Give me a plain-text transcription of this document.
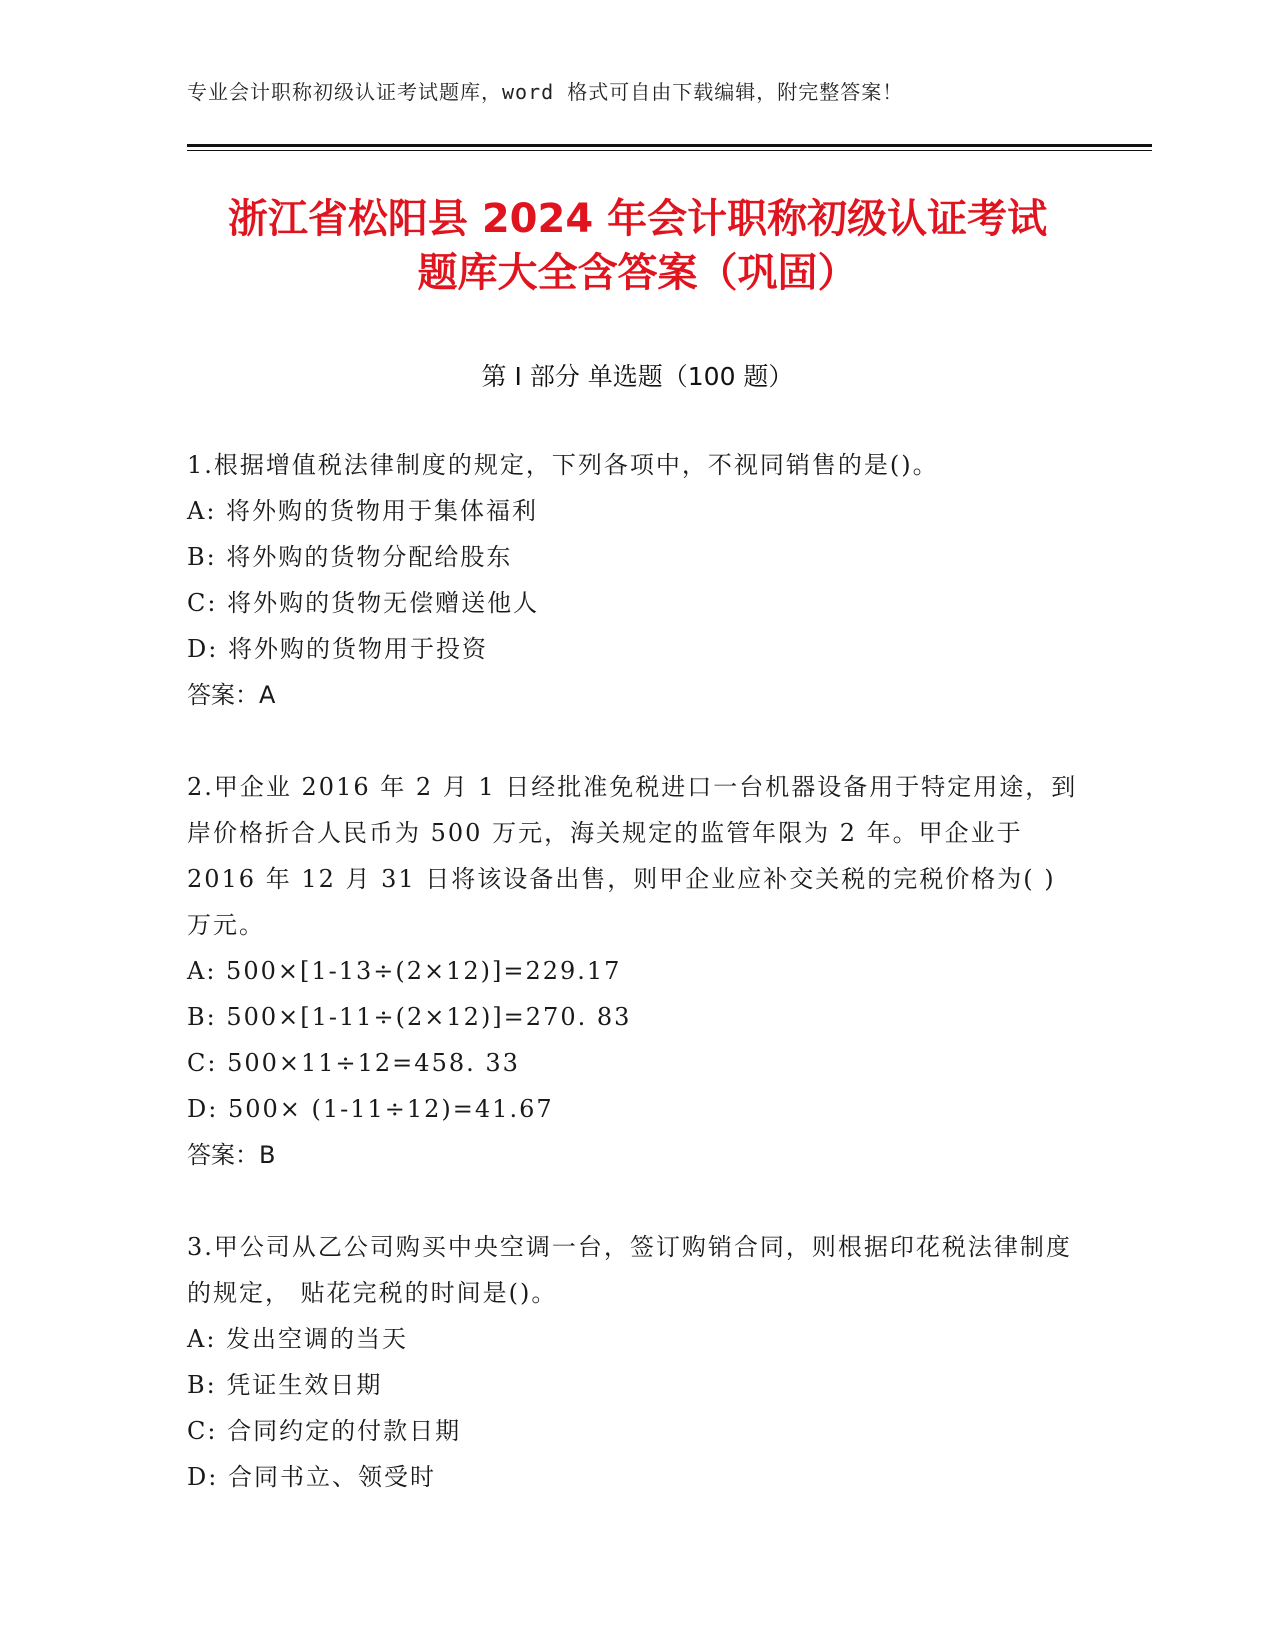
专业会计职称初级认证考试题库，word 格式可自由下载编辑，附完整答案！
浙江省松阳县 2024 年会计职称初级认证考试
题库大全含答案（巩固）
第 I 部分 单选题（100 题）

1.根据增值税法律制度的规定，下列各项中，不视同销售的是()。

A: 将外购的货物用于集体福利

B: 将外购的货物分配给股东

C: 将外购的货物无偿赠送他人

D: 将外购的货物用于投资

答案：A

2.甲企业 2016 年 2 月 1 日经批准免税进口一台机器设备用于特定用途，到岸价格折合人民币为 500 万元，海关规定的监管年限为 2 年。甲企业于 2016 年 12 月 31 日将该设备出售，则甲企业应补交关税的完税价格为( ) 万元。

A: 500×[1-13÷(2×12)]=229.17

B: 500×[1-11÷(2×12)]=270. 83

C: 500×11÷12=458. 33

D: 500× (1-11÷12)=41.67

答案：B

3.甲公司从乙公司购买中央空调一台，签订购销合同，则根据印花税法律制度的规定， 贴花完税的时间是()。

A: 发出空调的当天

B: 凭证生效日期

C: 合同约定的付款日期

D: 合同书立、领受时
